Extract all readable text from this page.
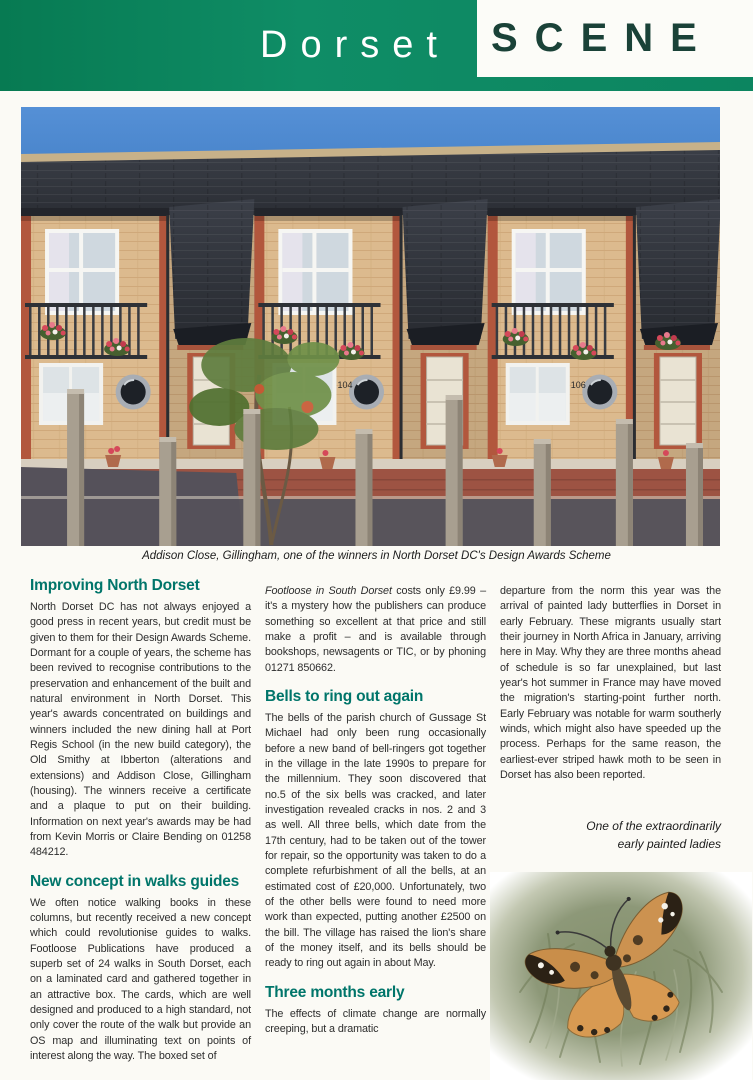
Dorset SCENE
104	106
Addison Close, Gillingham, one of the winners in North Dorset DC's Design Awards Scheme
Improving North Dorset

North Dorset DC has not always enjoyed a good press in recent years, but credit must be given to them for their Design Awards Scheme. Dormant for a couple of years, the scheme has been revived to recognise contributions to the preservation and enhancement of the built and natural environment in North Dorset. This year's awards concentrated on buildings and winners included the new dining hall at Port Regis School (in the new build category), the Old Smithy at Ibberton (alterations and extensions) and Addison Close, Gillingham (housing). The winners receive a certificate and a plaque to put on their building. Information on next year's awards may be had from Kevin Morris or Claire Bending on 01258 484212.

New concept in walks guides

We often notice walking books in these columns, but recently received a new concept which could revolutionise guides to walks. Footloose Publications have produced a superb set of 24 walks in South Dorset, each on a laminated card and gathered together in an attractive box. The cards, which are well designed and produced to a high standard, not only cover the route of the walk but provide an OS map and illuminating text on points of interest along the way. The boxed set of

Footloose in South Dorset costs only £9.99 – it's a mystery how the publishers can produce something so excellent at that price and still make a profit – and is available through bookshops, newsagents or TIC, or by phoning 01271 850662.

Bells to ring out again

The bells of the parish church of Gussage St Michael had only been rung occasionally before a new band of bell-ringers got together in the village in the late 1990s to prepare for the millennium. They soon discovered that no.5 of the six bells was cracked, and later investigation revealed cracks in nos. 2 and 3 as well. All three bells, which date from the 17th century, had to be taken out of the tower for repair, so the opportunity was taken to do a complete refurbishment of all the bells, at an estimated cost of £20,000. Unfortunately, two of the other bells were found to need more work than expected, putting another £2500 on the bill. The village has raised the lion's share of the money itself, and its bells should be ready to ring out again in about May.

Three months early

The effects of climate change are normally creeping, but a dramatic

departure from the norm this year was the arrival of painted lady butterflies in Dorset in early February. These migrants usually start their journey in North Africa in January, arriving here in May. Why they are three months ahead of schedule is so far unexplained, but last year's hot summer in France may have moved the migration's starting-point further north. Early February was notable for warm southerly winds, which might also have speeded up the process. Perhaps for the same reason, the earliest-ever striped hawk moth to be seen in Dorset has also been reported.

One of the extraordinarily
early painted ladies
